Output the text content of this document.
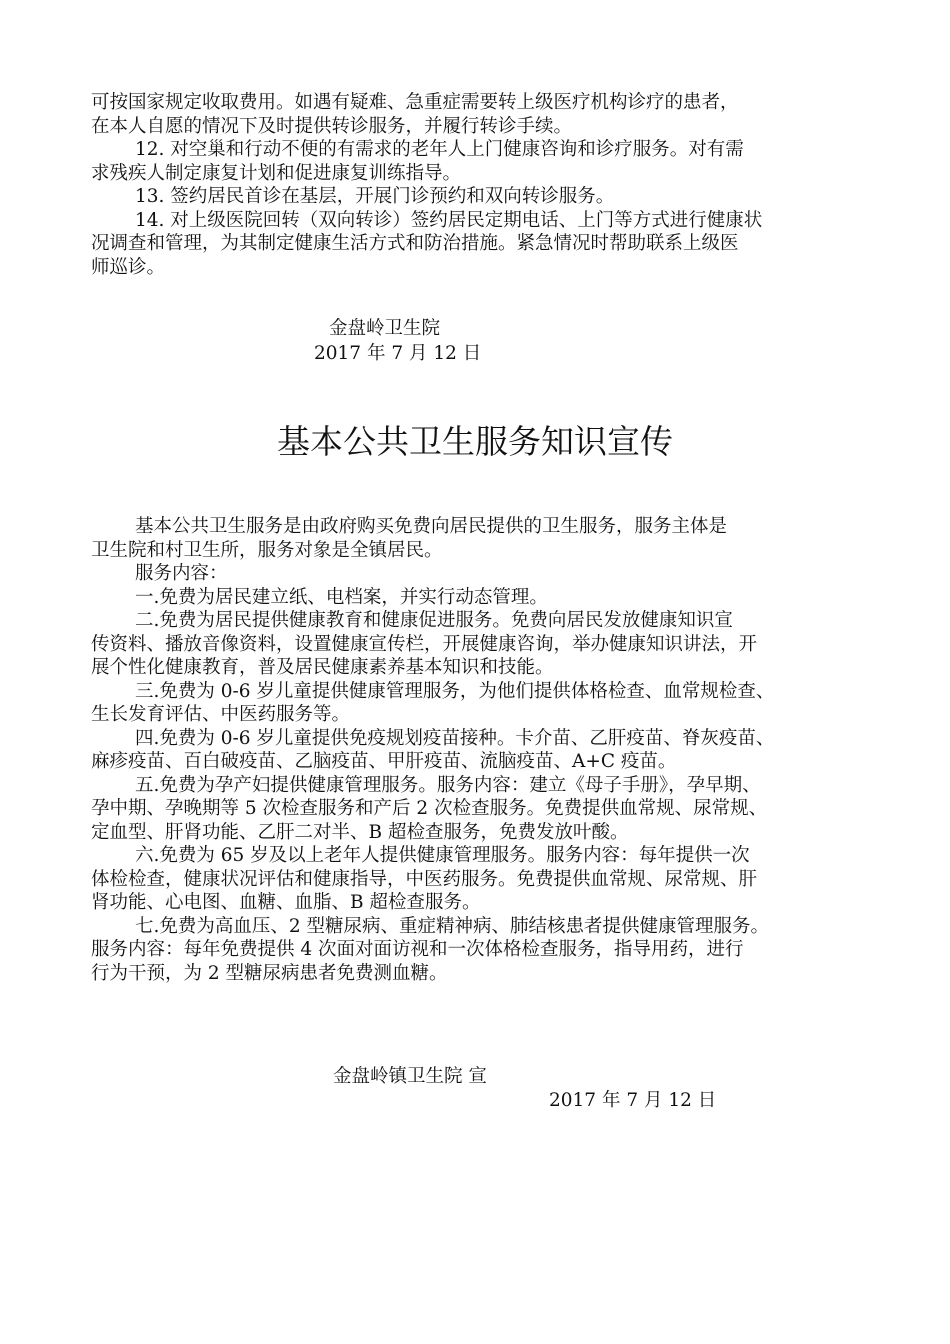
可按国家规定收取费用。如遇有疑难、急重症需要转上级医疗机构诊疗的患者，

在本人自愿的情况下及时提供转诊服务，并履行转诊手续。

12. 对空巢和行动不便的有需求的老年人上门健康咨询和诊疗服务。对有需

求残疾人制定康复计划和促进康复训练指导。

13. 签约居民首诊在基层，开展门诊预约和双向转诊服务。

14. 对上级医院回转（双向转诊）签约居民定期电话、上门等方式进行健康状

况调查和管理，为其制定健康生活方式和防治措施。紧急情况时帮助联系上级医

师巡诊。

金盘岭卫生院
2017 年 7 月 12 日
基本公共卫生服务知识宣传

基本公共卫生服务是由政府购买免费向居民提供的卫生服务，服务主体是

卫生院和村卫生所，服务对象是全镇居民。

服务内容：

一.免费为居民建立纸、电档案，并实行动态管理。

二.免费为居民提供健康教育和健康促进服务。免费向居民发放健康知识宣

传资料、播放音像资料，设置健康宣传栏，开展健康咨询，举办健康知识讲法，开

展个性化健康教育，普及居民健康素养基本知识和技能。

三.免费为 0-6 岁儿童提供健康管理服务，为他们提供体格检查、血常规检查、

生长发育评估、中医药服务等。

四.免费为 0-6 岁儿童提供免疫规划疫苗接种。卡介苗、乙肝疫苗、脊灰疫苗、

麻疹疫苗、百白破疫苗、乙脑疫苗、甲肝疫苗、流脑疫苗、A+C 疫苗。

五.免费为孕产妇提供健康管理服务。服务内容：建立《母子手册》，孕早期、

孕中期、孕晚期等 5 次检查服务和产后 2 次检查服务。免费提供血常规、尿常规、

定血型、肝肾功能、乙肝二对半、B 超检查服务，免费发放叶酸。

六.免费为 65 岁及以上老年人提供健康管理服务。服务内容：每年提供一次

体检检查，健康状况评估和健康指导，中医药服务。免费提供血常规、尿常规、肝

肾功能、心电图、血糖、血脂、B 超检查服务。

七.免费为高血压、2 型糖尿病、重症精神病、肺结核患者提供健康管理服务。

服务内容：每年免费提供 4 次面对面访视和一次体格检查服务，指导用药，进行

行为干预，为 2 型糖尿病患者免费测血糖。

金盘岭镇卫生院 宣
2017 年 7 月 12 日
